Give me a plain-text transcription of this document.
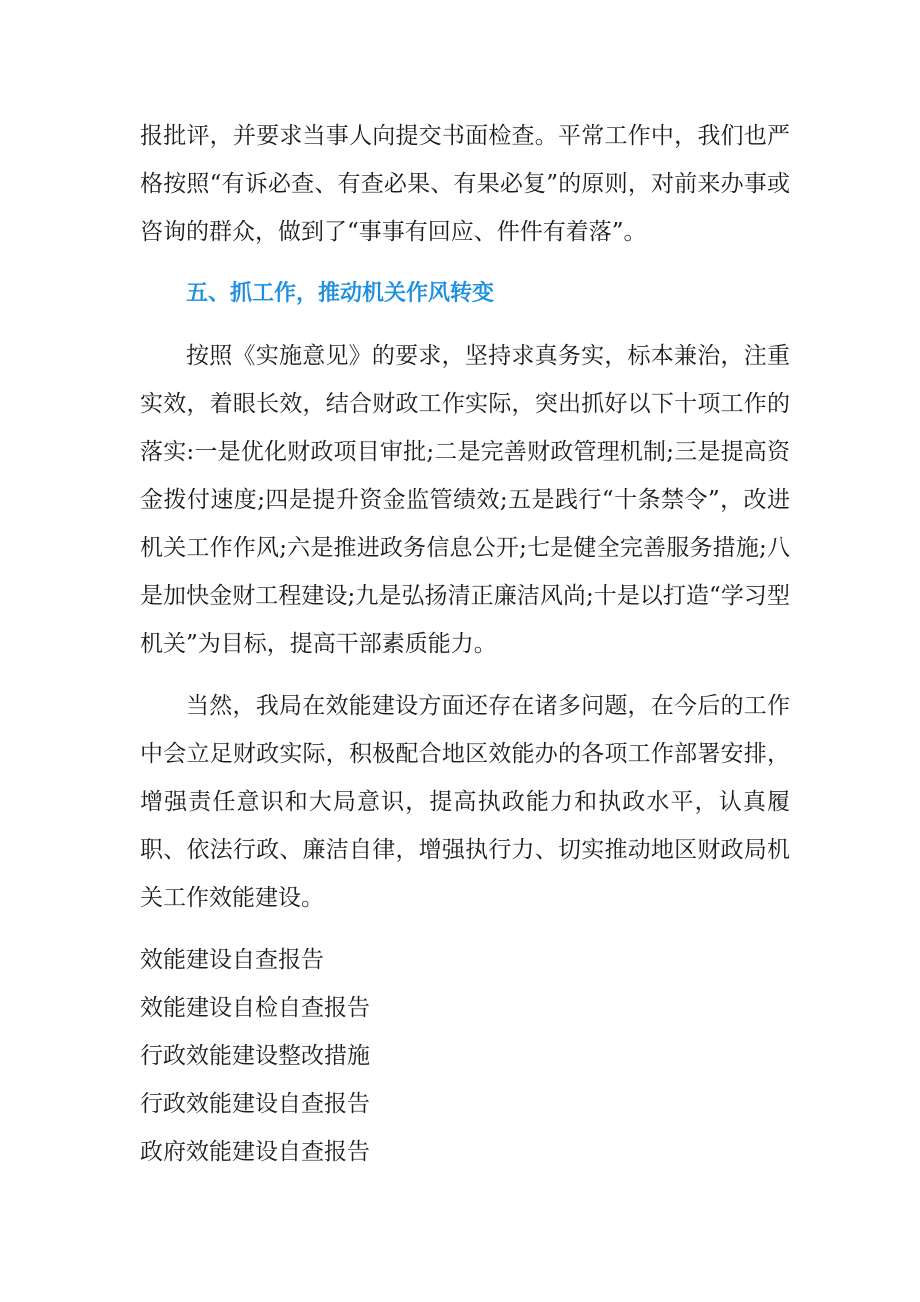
报批评，并要求当事人向提交书面检查。平常工作中，我们也严格按照“有诉必查、有查必果、有果必复”的原则，对前来办事或咨询的群众，做到了“事事有回应、件件有着落”。

五、抓工作，推动机关作风转变

按照《实施意见》的要求，坚持求真务实，标本兼治，注重实效，着眼长效，结合财政工作实际，突出抓好以下十项工作的落实:一是优化财政项目审批;二是完善财政管理机制;三是提高资金拨付速度;四是提升资金监管绩效;五是践行“十条禁令”，改进机关工作作风;六是推进政务信息公开;七是健全完善服务措施;八是加快金财工程建设;九是弘扬清正廉洁风尚;十是以打造“学习型机关”为目标，提高干部素质能力。

当然，我局在效能建设方面还存在诸多问题，在今后的工作中会立足财政实际，积极配合地区效能办的各项工作部署安排，增强责任意识和大局意识，提高执政能力和执政水平，认真履职、依法行政、廉洁自律，增强执行力、切实推动地区财政局机关工作效能建设。

效能建设自查报告
效能建设自检自查报告
行政效能建设整改措施
行政效能建设自查报告
政府效能建设自查报告
